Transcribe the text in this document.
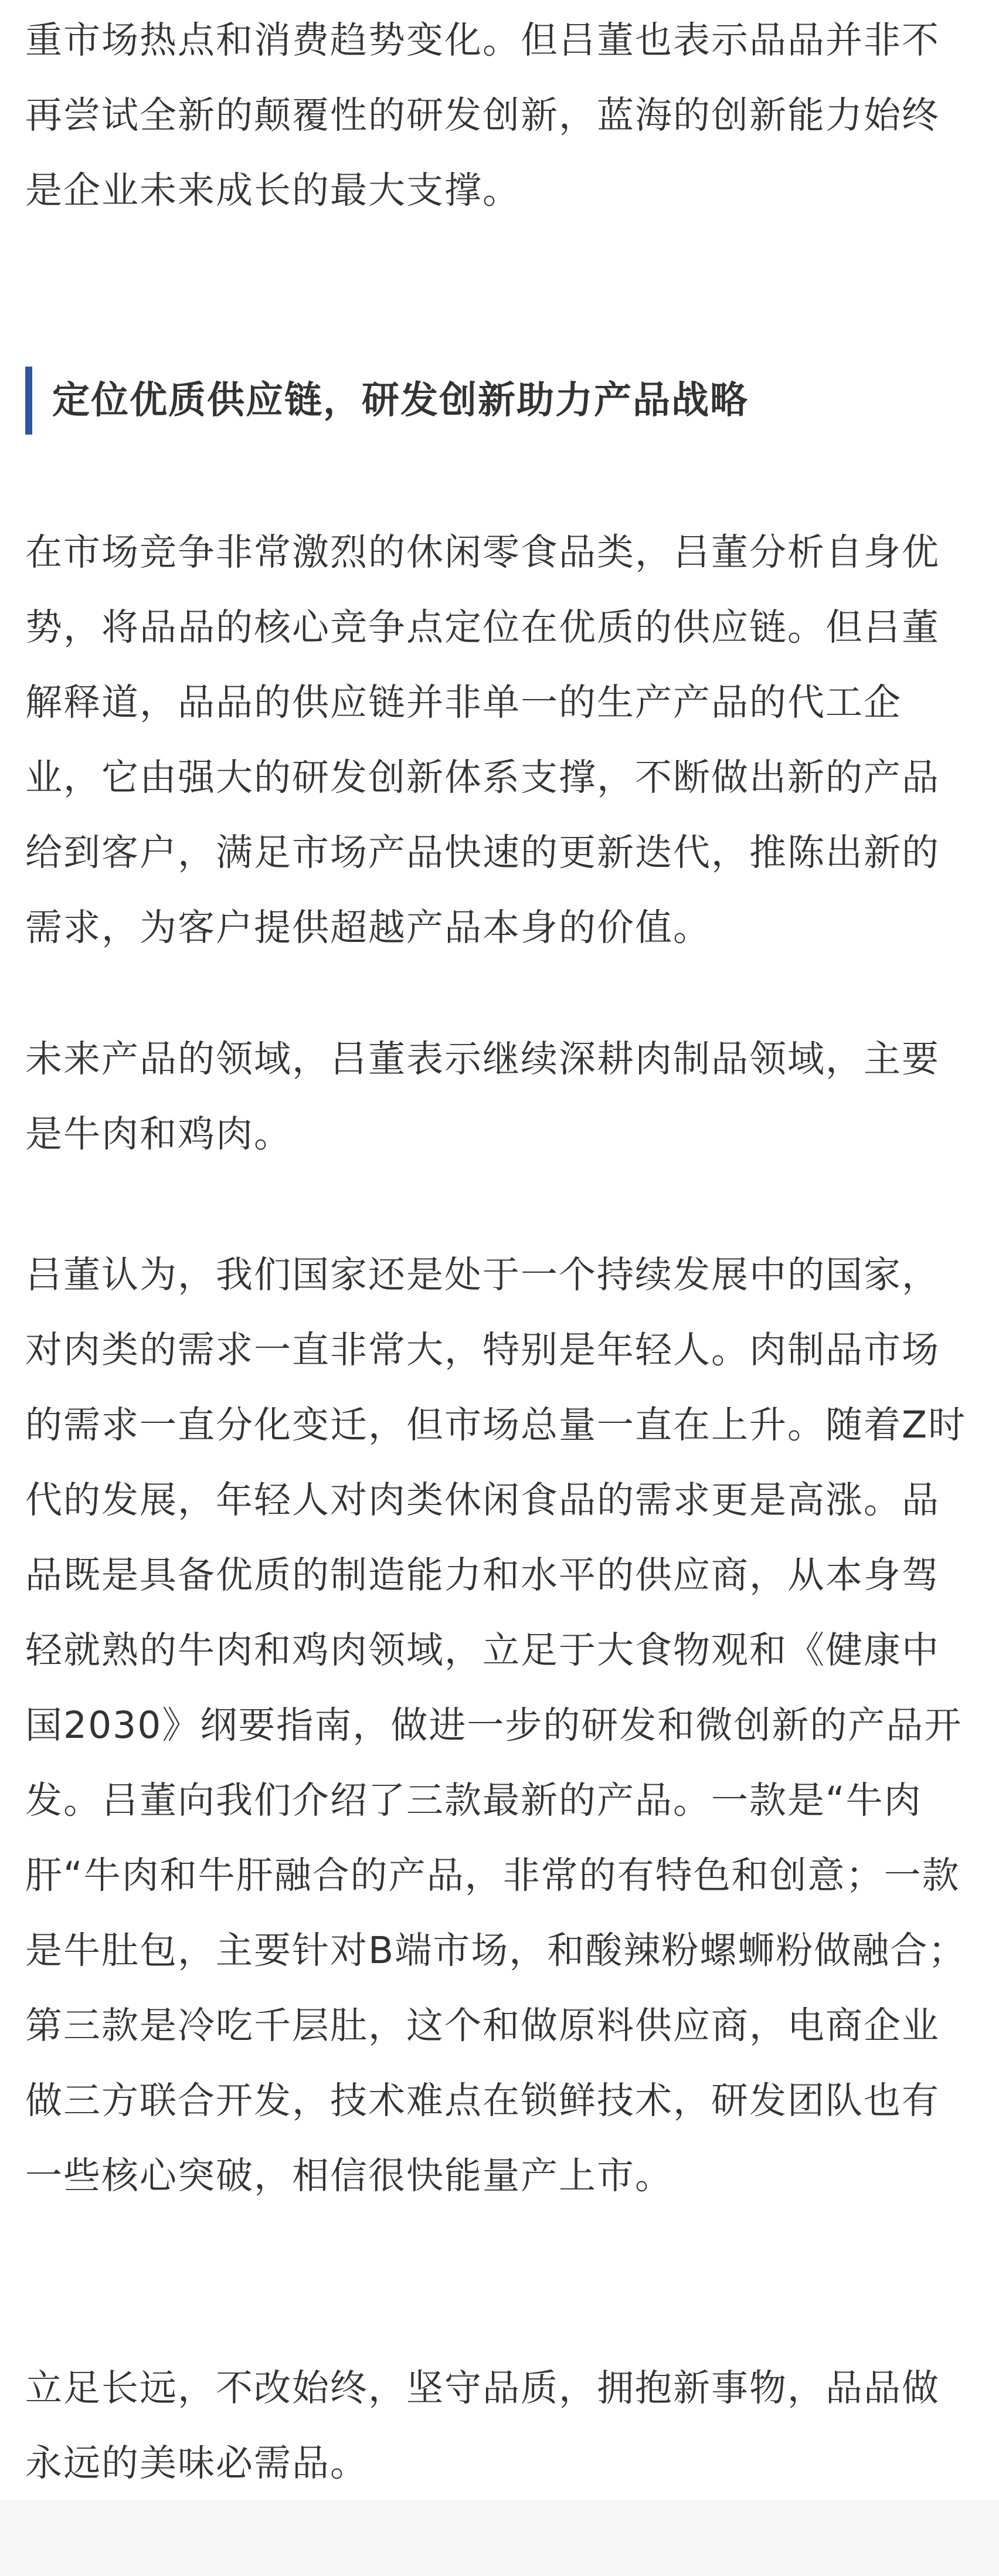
重市场热点和消费趋势变化。但吕董也表示品品并非不再尝试全新的颠覆性的研发创新，蓝海的创新能力始终是企业未来成长的最大支撑。

定位优质供应链，研发创新助力产品战略

在市场竞争非常激烈的休闲零食品类，吕董分析自身优势，将品品的核心竞争点定位在优质的供应链。但吕董解释道，品品的供应链并非单一的生产产品的代工企业，它由强大的研发创新体系支撑，不断做出新的产品给到客户，满足市场产品快速的更新迭代，推陈出新的需求，为客户提供超越产品本身的价值。

未来产品的领域，吕董表示继续深耕肉制品领域，主要是牛肉和鸡肉。

吕董认为，我们国家还是处于一个持续发展中的国家，对肉类的需求一直非常大，特别是年轻人。肉制品市场的需求一直分化变迁，但市场总量一直在上升。随着Z时代的发展，年轻人对肉类休闲食品的需求更是高涨。品品既是具备优质的制造能力和水平的供应商，从本身驾轻就熟的牛肉和鸡肉领域，立足于大食物观和《健康中国2030》纲要指南，做进一步的研发和微创新的产品开发。吕董向我们介绍了三款最新的产品。一款是“牛肉肝“牛肉和牛肝融合的产品，非常的有特色和创意；一款是牛肚包，主要针对B端市场，和酸辣粉螺蛳粉做融合；第三款是冷吃千层肚，这个和做原料供应商，电商企业做三方联合开发，技术难点在锁鲜技术，研发团队也有一些核心突破，相信很快能量产上市。

立足长远，不改始终，坚守品质，拥抱新事物，品品做永远的美味必需品。
